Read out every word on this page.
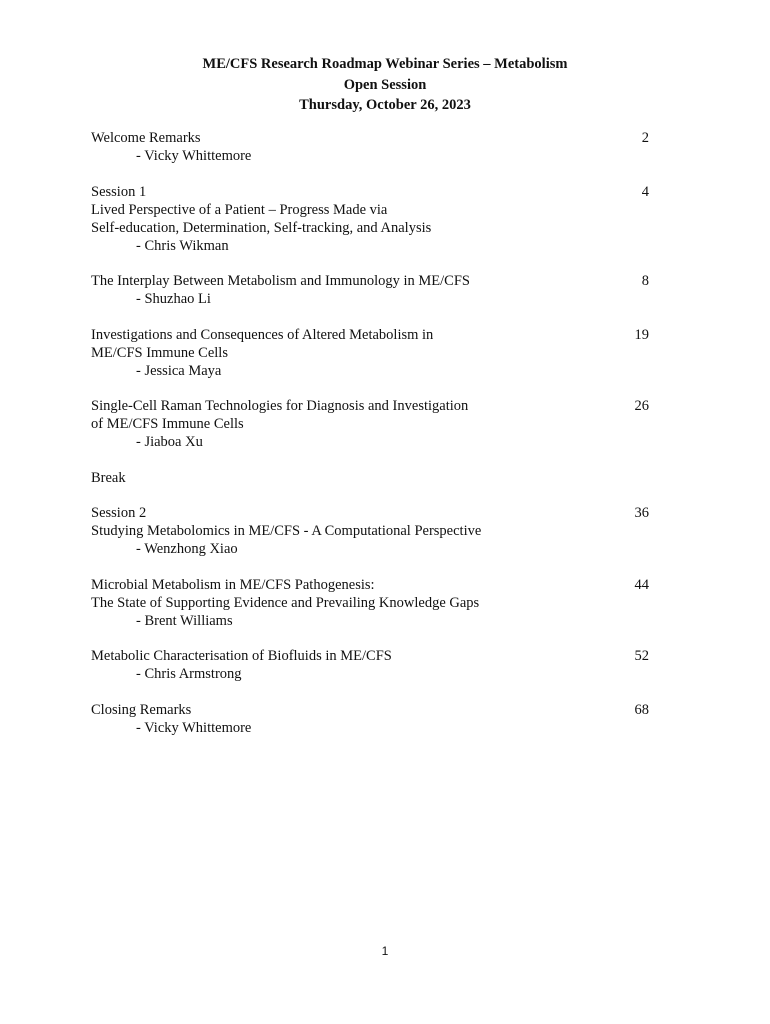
ME/CFS Research Roadmap Webinar Series – Metabolism
Open Session
Thursday, October 26, 2023
Welcome Remarks
- Vicky Whittemore
2
Session 1
Lived Perspective of a Patient – Progress Made via
Self-education, Determination, Self-tracking, and Analysis
- Chris Wikman
4
The Interplay Between Metabolism and Immunology in ME/CFS
- Shuzhao Li
8
Investigations and Consequences of Altered Metabolism in
ME/CFS Immune Cells
- Jessica Maya
19
Single-Cell Raman Technologies for Diagnosis and Investigation
of ME/CFS Immune Cells
- Jiaboa Xu
26
Break
Session 2
Studying Metabolomics in ME/CFS - A Computational Perspective
- Wenzhong Xiao
36
Microbial Metabolism in ME/CFS Pathogenesis:
The State of Supporting Evidence and Prevailing Knowledge Gaps
- Brent Williams
44
Metabolic Characterisation of Biofluids in ME/CFS
- Chris Armstrong
52
Closing Remarks
- Vicky Whittemore
68
1
